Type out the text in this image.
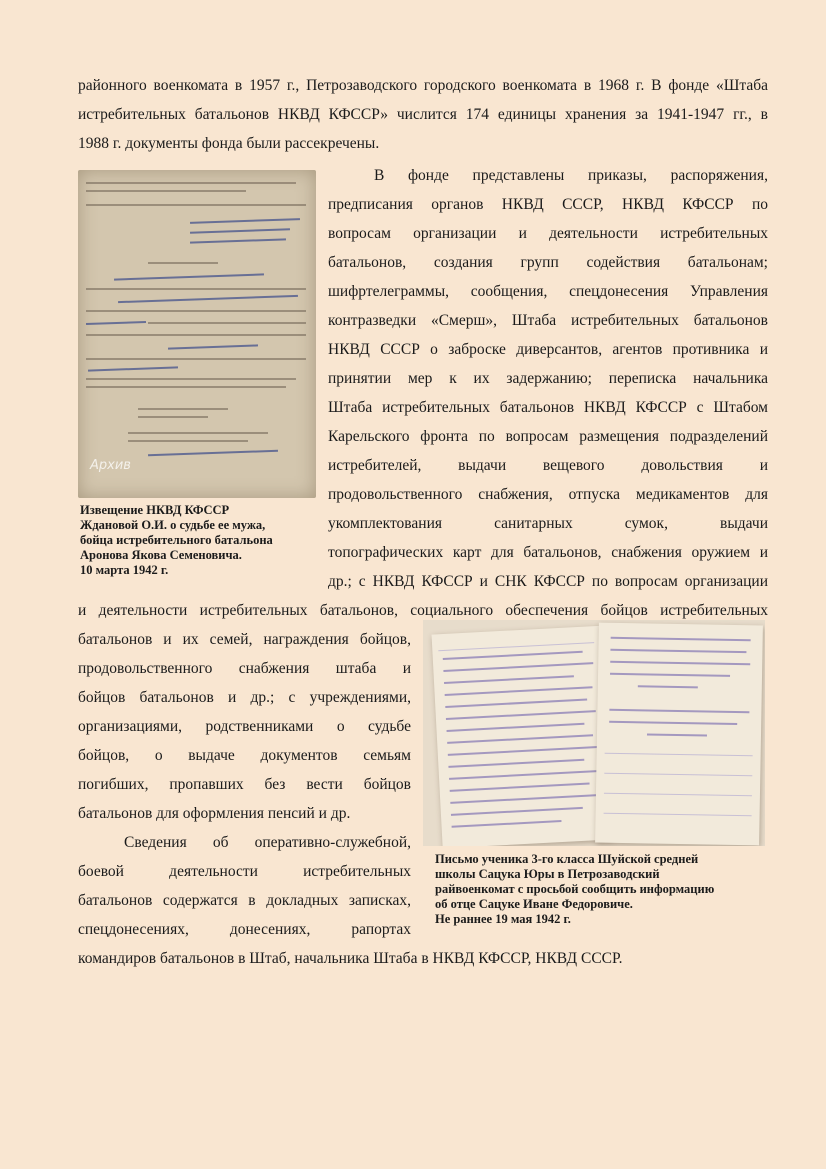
районного военкомата в 1957 г., Петрозаводского городского военкомата в 1968 г. В фонде «Штаба
истребительных батальонов НКВД КФССР» числится 174 единицы хранения за 1941-1947 гг., в
1988 г. документы фонда были рассекречены.
Архив
Извещение НКВД КФССР
Ждановой О.И. о судьбе ее мужа,
бойца истребительного батальона
Аронова Якова Семеновича.
10 марта 1942 г.
В фонде представлены приказы, распоряжения,
предписания органов НКВД СССР, НКВД КФССР по
вопросам организации и деятельности истребительных
батальонов, создания групп содействия батальонам;
шифртелеграммы, сообщения, спецдонесения Управления
контразведки «Смерш», Штаба истребительных батальонов
НКВД СССР о заброске диверсантов, агентов противника и
принятии мер к их задержанию; переписка начальника
Штаба истребительных батальонов НКВД КФССР с Штабом
Карельского фронта по вопросам размещения подразделений
истребителей, выдачи вещевого довольствия и
продовольственного снабжения, отпуска медикаментов для
укомплектования санитарных сумок, выдачи
топографических карт для батальонов, снабжения оружием и
др.; с НКВД КФССР и СНК КФССР по вопросам организации
и деятельности истребительных батальонов, социального обеспечения бойцов истребительных
Письмо ученика 3-го класса Шуйской средней
школы Сацука Юры в Петрозаводский
райвоенкомат с просьбой сообщить информацию
об отце Сацуке Иване Федоровиче.
Не раннее 19 мая 1942 г.
батальонов и их семей, награждения бойцов,
продовольственного снабжения штаба и
бойцов батальонов и др.; с учреждениями,
организациями, родственниками о судьбе
бойцов, о выдаче документов семьям
погибших, пропавших без вести бойцов
батальонов для оформления пенсий и др.
Сведения об оперативно-служебной,
боевой деятельности истребительных
батальонов содержатся в докладных записках,
спецдонесениях, донесениях, рапортах
командиров батальонов в Штаб, начальника Штаба в НКВД КФССР, НКВД СССР.
